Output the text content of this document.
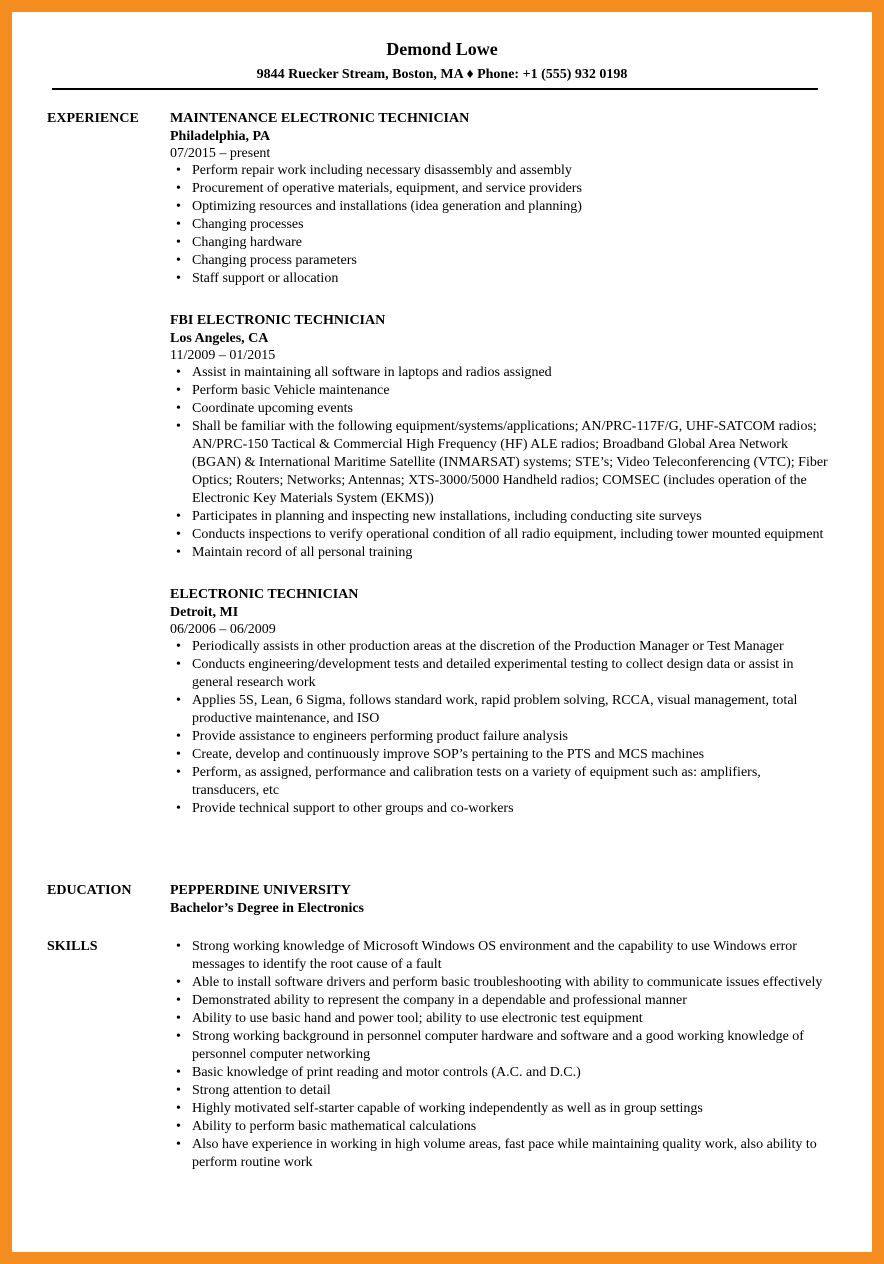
Demond Lowe
9844 Ruecker Stream, Boston, MA ♦ Phone: +1 (555) 932 0198
EXPERIENCE	MAINTENANCE ELECTRONIC TECHNICIAN
Philadelphia, PA
07/2015 – present
• Perform repair work including necessary disassembly and assembly
• Procurement of operative materials, equipment, and service providers
• Optimizing resources and installations (idea generation and planning)
• Changing processes
• Changing hardware
• Changing process parameters
• Staff support or allocation
FBI ELECTRONIC TECHNICIAN
Los Angeles, CA
11/2009 – 01/2015
• Assist in maintaining all software in laptops and radios assigned
• Perform basic Vehicle maintenance
• Coordinate upcoming events
• Shall be familiar with the following equipment/systems/applications; AN/PRC-117F/G, UHF-SATCOM radios; AN/PRC-150 Tactical & Commercial High Frequency (HF) ALE radios; Broadband Global Area Network (BGAN) & International Maritime Satellite (INMARSAT) systems; STE’s; Video Teleconferencing (VTC); Fiber Optics; Routers; Networks; Antennas; XTS-3000/5000 Handheld radios; COMSEC (includes operation of the Electronic Key Materials System (EKMS))
• Participates in planning and inspecting new installations, including conducting site surveys
• Conducts inspections to verify operational condition of all radio equipment, including tower mounted equipment
• Maintain record of all personal training
ELECTRONIC TECHNICIAN
Detroit, MI
06/2006 – 06/2009
• Periodically assists in other production areas at the discretion of the Production Manager or Test Manager
• Conducts engineering/development tests and detailed experimental testing to collect design data or assist in general research work
• Applies 5S, Lean, 6 Sigma, follows standard work, rapid problem solving, RCCA, visual management, total productive maintenance, and ISO
• Provide assistance to engineers performing product failure analysis
• Create, develop and continuously improve SOP’s pertaining to the PTS and MCS machines
• Perform, as assigned, performance and calibration tests on a variety of equipment such as: amplifiers, transducers, etc
• Provide technical support to other groups and co-workers
EDUCATION	PEPPERDINE UNIVERSITY
Bachelor’s Degree in Electronics
SKILLS	• Strong working knowledge of Microsoft Windows OS environment and the capability to use Windows error messages to identify the root cause of a fault
• Able to install software drivers and perform basic troubleshooting with ability to communicate issues effectively
• Demonstrated ability to represent the company in a dependable and professional manner
• Ability to use basic hand and power tool; ability to use electronic test equipment
• Strong working background in personnel computer hardware and software and a good working knowledge of personnel computer networking
• Basic knowledge of print reading and motor controls (A.C. and D.C.)
• Strong attention to detail
• Highly motivated self-starter capable of working independently as well as in group settings
• Ability to perform basic mathematical calculations
• Also have experience in working in high volume areas, fast pace while maintaining quality work, also ability to perform routine work
